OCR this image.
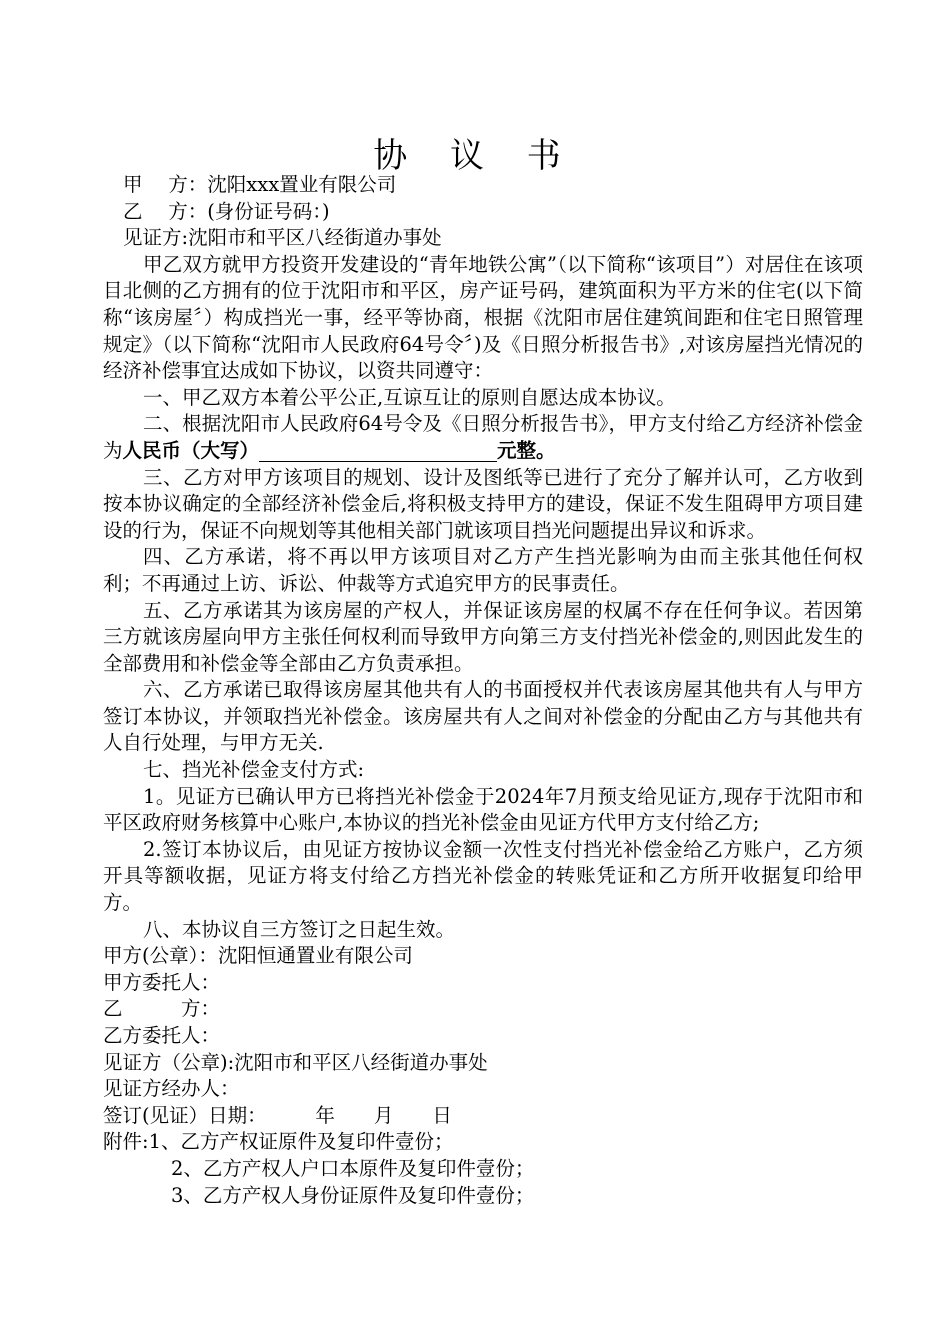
协 议 书
甲　 方：沈阳xxx置业有限公司
乙　 方：(身份证号码：)
见证方:沈阳市和平区八经街道办事处
甲乙双方就甲方投资开发建设的“青年地铁公寓”（以下简称“该项目”）对居住在该项目北侧的乙方拥有的位于沈阳市和平区，房产证号码，建筑面积为平方米的住宅(以下简称“该房屋〞）构成挡光一事，经平等协商，根据《沈阳市居住建筑间距和住宅日照管理规定》（以下简称“沈阳市人民政府64号令〞)及《日照分析报告书》,对该房屋挡光情况的经济补偿事宜达成如下协议，以资共同遵守：
一、甲乙双方本着公平公正,互谅互让的原则自愿达成本协议。
二、根据沈阳市人民政府64号令及《日照分析报告书》，甲方支付给乙方经济补偿金为人民币（大写）	元整。
三、乙方对甲方该项目的规划、设计及图纸等已进行了充分了解并认可，乙方收到按本协议确定的全部经济补偿金后,将积极支持甲方的建设，保证不发生阻碍甲方项目建设的行为，保证不向规划等其他相关部门就该项目挡光问题提出异议和诉求。
四、乙方承诺，将不再以甲方该项目对乙方产生挡光影响为由而主张其他任何权利；不再通过上访、诉讼、仲裁等方式追究甲方的民事责任。
五、乙方承诺其为该房屋的产权人，并保证该房屋的权属不存在任何争议。若因第三方就该房屋向甲方主张任何权利而导致甲方向第三方支付挡光补偿金的,则因此发生的全部费用和补偿金等全部由乙方负责承担。
六、乙方承诺已取得该房屋其他共有人的书面授权并代表该房屋其他共有人与甲方签订本协议，并领取挡光补偿金。该房屋共有人之间对补偿金的分配由乙方与其他共有人自行处理，与甲方无关.
七、挡光补偿金支付方式:
1。见证方已确认甲方已将挡光补偿金于2024年7月预支给见证方,现存于沈阳市和平区政府财务核算中心账户,本协议的挡光补偿金由见证方代甲方支付给乙方;
2.签订本协议后，由见证方按协议金额一次性支付挡光补偿金给乙方账户，乙方须开具等额收据，见证方将支付给乙方挡光补偿金的转账凭证和乙方所开收据复印给甲方。
八、本协议自三方签订之日起生效。
甲方(公章）：沈阳恒通置业有限公司
甲方委托人：
乙　　　方：
乙方委托人：
见证方（公章):沈阳市和平区八经街道办事处
见证方经办人：
签订(见证）日期：　　　年　　月　　日
附件:1、乙方产权证原件及复印件壹份；
2、乙方产权人户口本原件及复印件壹份；
3、乙方产权人身份证原件及复印件壹份；
